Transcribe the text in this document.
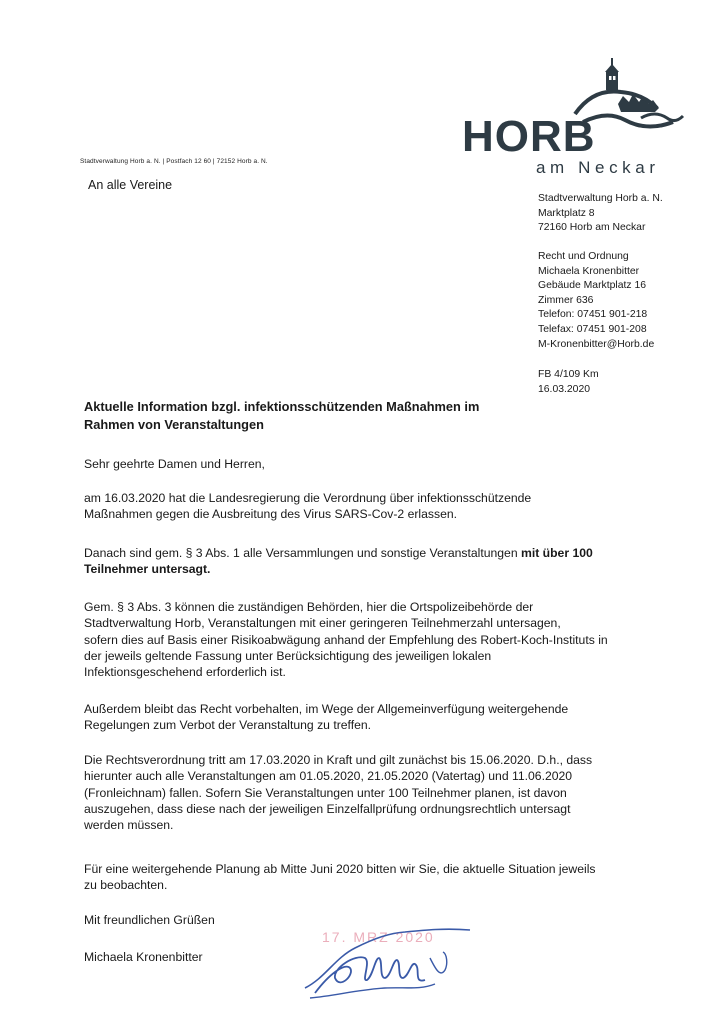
Stadtverwaltung Horb a. N. | Postfach 12 60 | 72152 Horb a. N.
An alle Vereine
HORB
am Neckar
Stadtverwaltung Horb a. N.
Marktplatz 8
72160 Horb am Neckar
Recht und Ordnung
Michaela Kronenbitter
Gebäude Marktplatz 16
Zimmer 636
Telefon: 07451 901-218
Telefax: 07451 901-208
M-Kronenbitter@Horb.de
FB 4/109 Km
16.03.2020
Aktuelle Information bzgl. infektionsschützenden Maßnahmen im
Rahmen von Veranstaltungen
Sehr geehrte Damen und Herren,
am 16.03.2020 hat die Landesregierung die Verordnung über infektionsschützende
Maßnahmen gegen die Ausbreitung des Virus SARS-Cov-2 erlassen.
Danach sind gem. § 3 Abs. 1 alle Versammlungen und sonstige Veranstaltungen mit über 100
Teilnehmer untersagt.
Gem. § 3 Abs. 3 können die zuständigen Behörden, hier die Ortspolizeibehörde der
Stadtverwaltung Horb, Veranstaltungen mit einer geringeren Teilnehmerzahl untersagen,
sofern dies auf Basis einer Risikoabwägung anhand der Empfehlung des Robert-Koch-Instituts in
der jeweils geltende Fassung unter Berücksichtigung des jeweiligen lokalen
Infektionsgeschehend erforderlich ist.
Außerdem bleibt das Recht vorbehalten, im Wege der Allgemeinverfügung weitergehende
Regelungen zum Verbot der Veranstaltung zu treffen.
Die Rechtsverordnung tritt am 17.03.2020 in Kraft und gilt zunächst bis 15.06.2020. D.h., dass
hierunter auch alle Veranstaltungen am 01.05.2020, 21.05.2020 (Vatertag) und 11.06.2020
(Fronleichnam) fallen. Sofern Sie Veranstaltungen unter 100 Teilnehmer planen, ist davon
auszugehen, dass diese nach der jeweiligen Einzelfallprüfung ordnungsrechtlich untersagt
werden müssen.
Für eine weitergehende Planung ab Mitte Juni 2020 bitten wir Sie, die aktuelle Situation jeweils
zu beobachten.
Mit freundlichen Grüßen
Michaela Kronenbitter
17. MRZ 2020
